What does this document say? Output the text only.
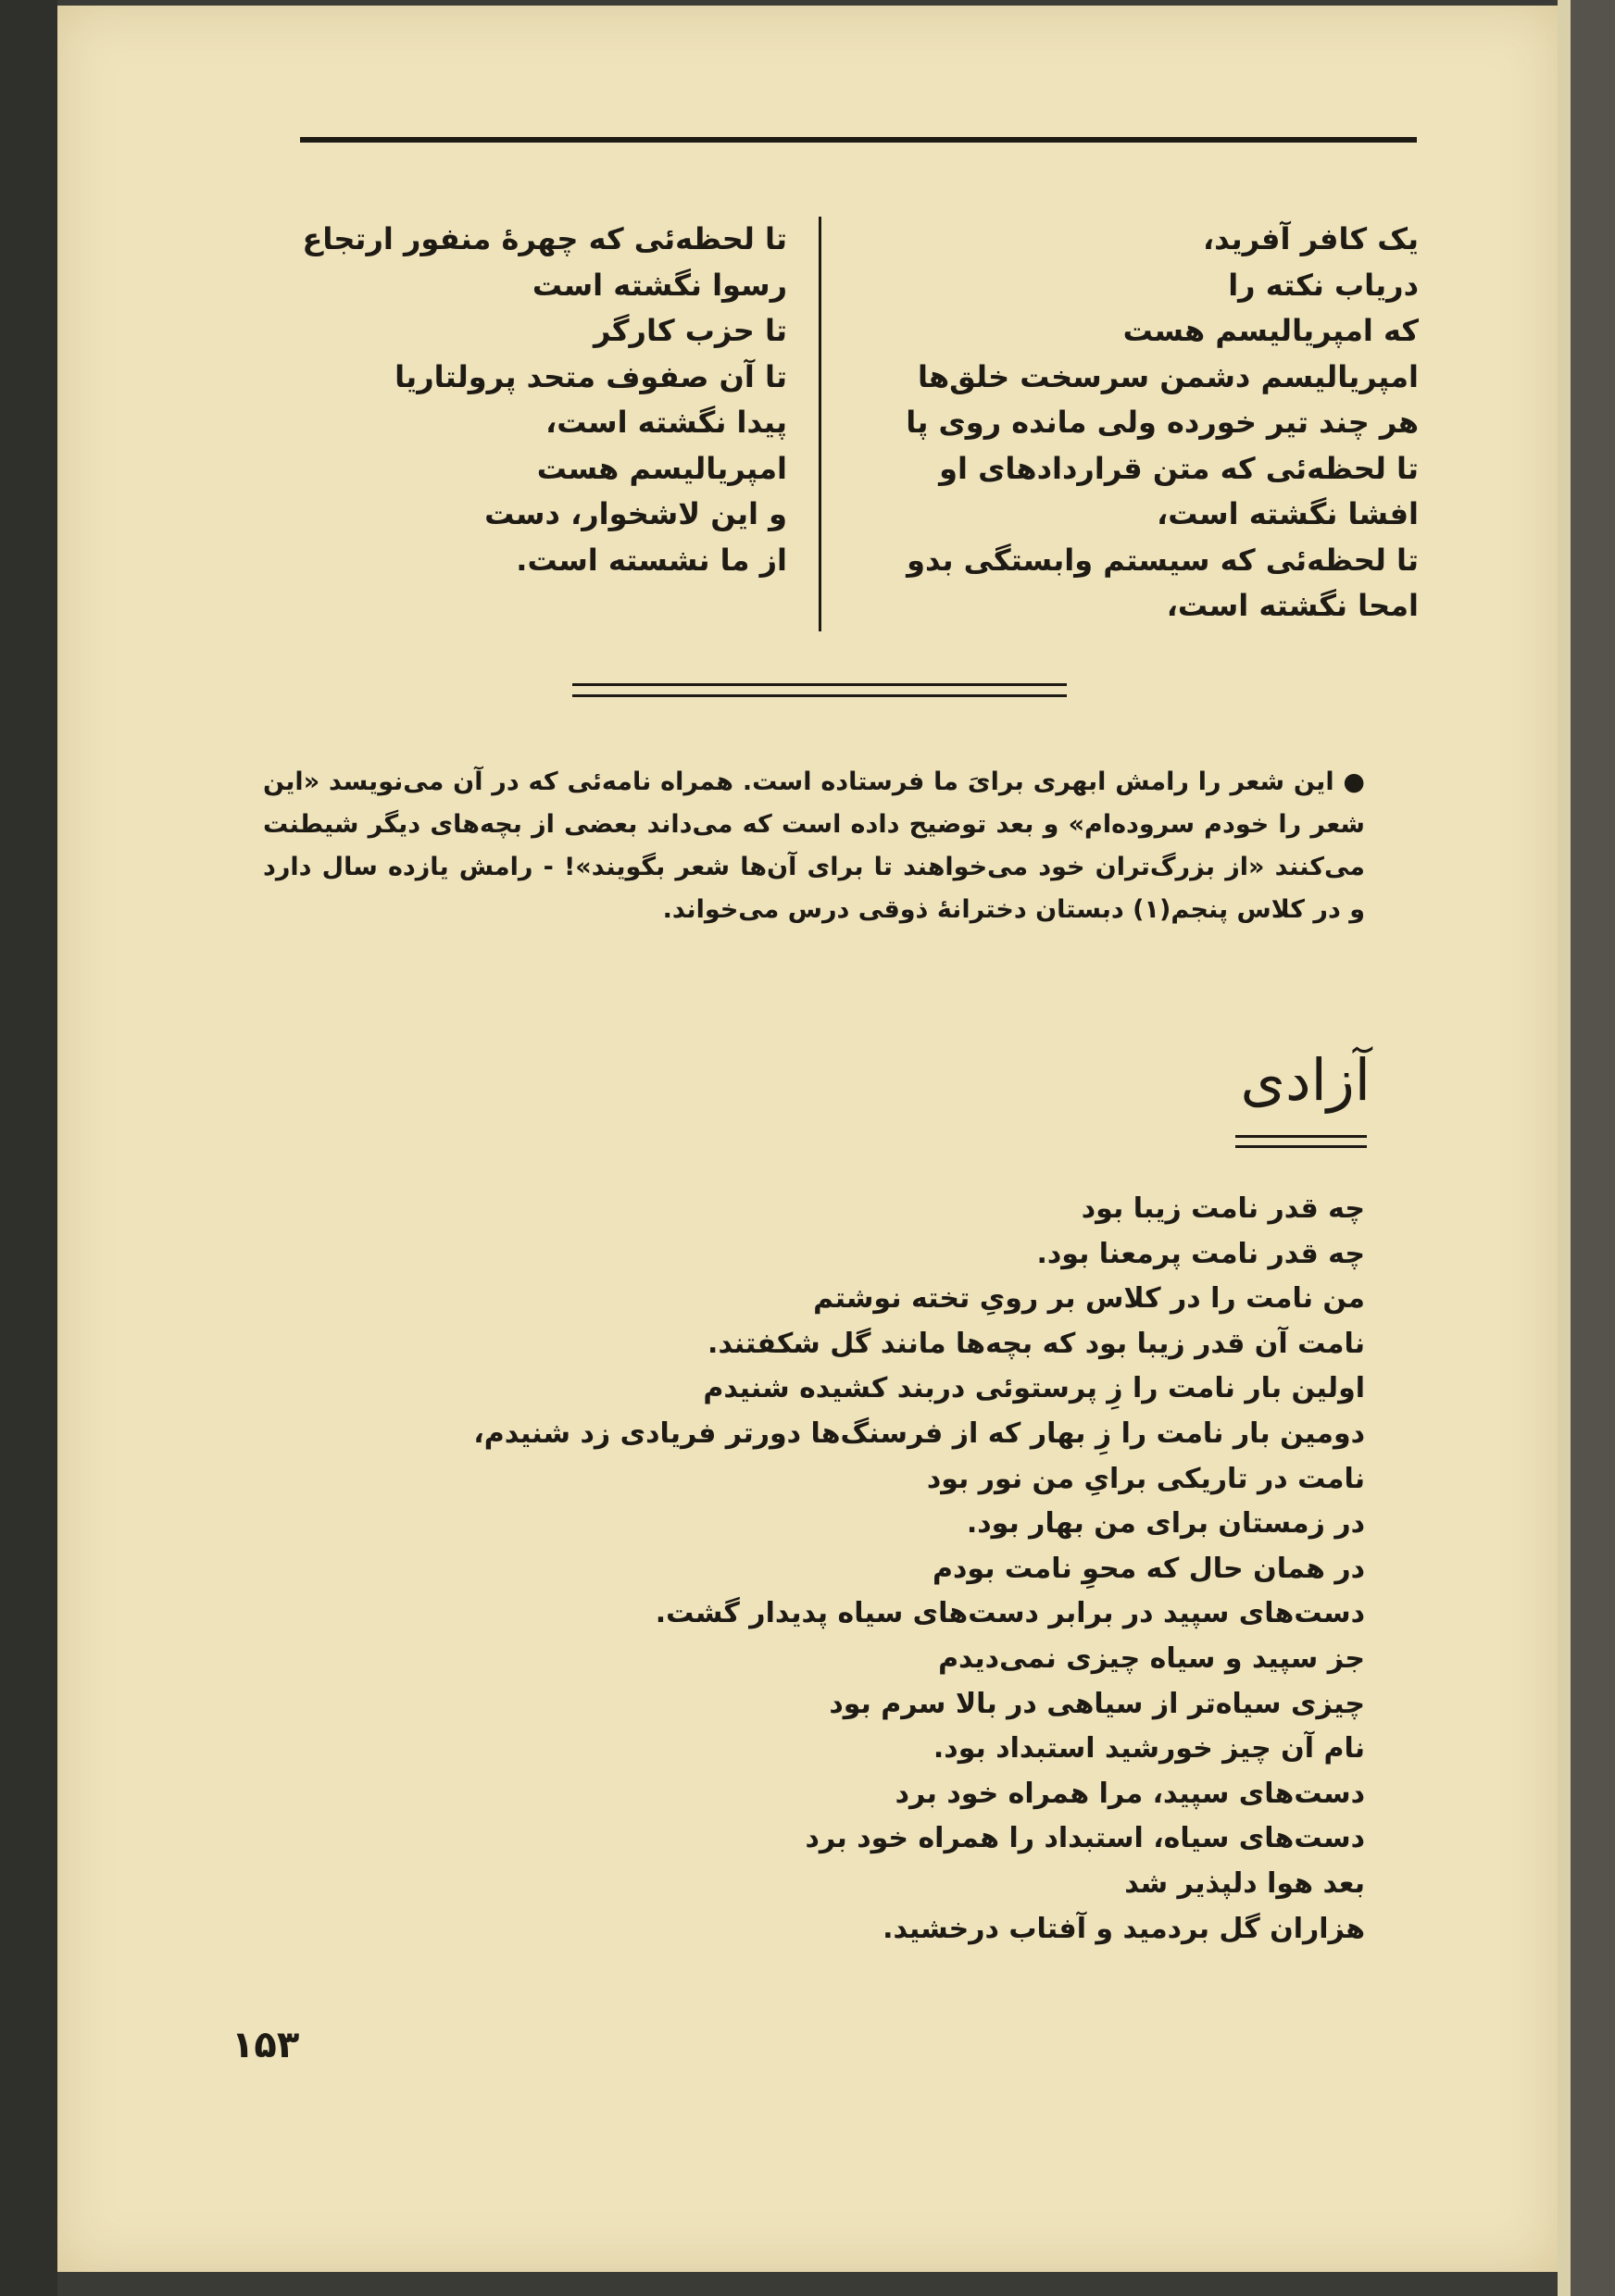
یک کافر آفرید،
دریاب نکته را
که امپریالیسم هست
امپریالیسم دشمن سرسخت خلق‌ها
هر چند تیر خورده ولی مانده روی پا
تا لحظه‌ئی که متن قراردادهای او
افشا نگشته است،
تا لحظه‌ئی که سیستم وابستگی بدو
امحا نگشته است،
تا لحظه‌ئی که چهرهٔ منفور ارتجاع
رسوا نگشته است
تا حزب کارگر
تا آن صفوف متحد پرولتاریا
پیدا نگشته است،
امپریالیسم هست
و این لاشخوار، دست
از ما نشسته است.

● این شعر را رامش ابهری برایَ ما فرستاده است. همراه نامه‌ئی که در آن می‌نویسد «این شعر را خودم سروده‌ام» و بعد توضیح داده است که می‌داند بعضی از بچه‌های دیگر شیطنت می‌کنند «از بزرگ‌تران خود می‌خواهند تا برای آن‌ها شعر بگویند»! - رامش یازده سال دارد و در کلاس پنجم(۱) دبستان دخترانهٔ ذوقی درس می‌خواند.

آزادی
چه قدر نامت زیبا بود
چه قدر نامت پرمعنا بود.
من نامت را در کلاس بر رویِ تخته نوشتم
نامت آن قدر زیبا بود که بچه‌ها مانند گل شکفتند.
اولین بار نامت را زِ پرستوئی دربند کشیده شنیدم
دومین بار نامت را زِ بهار که از فرسنگ‌ها دورتر فریادی زد شنیدم،
نامت در تاریکی برایِ من نور بود
در زمستان برای من بهار بود.
در همان حال که محوِ نامت بودم
دست‌های سپید در برابر دست‌های سیاه پدیدار گشت.
جز سپید و سیاه چیزی نمی‌دیدم
چیزی سیاه‌تر از سیاهی در بالا سرم بود
نام آن چیز خورشید استبداد بود.
دست‌های سپید، مرا همراه خود برد
دست‌های سیاه، استبداد را همراه خود برد
بعد هوا دلپذیر شد
هزاران گل بردمید و آفتاب درخشید.
۱۵۳
